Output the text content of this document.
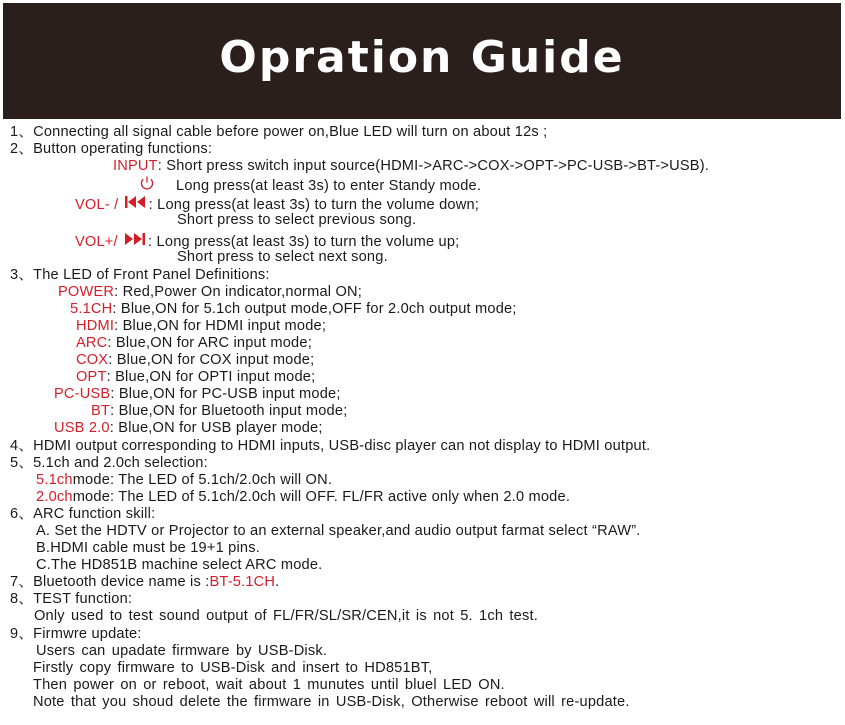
Opration Guide
1、Connecting all signal cable before power on,Blue LED will turn on about 12s ;
2、Button operating functions:
INPUT: Short press switch input source(HDMI->ARC->COX->OPT->PC-USB->BT->USB).
Long press(at least 3s) to enter Standy mode.
VOL- / : Long press(at least 3s) to turn the volume down;
Short press to select previous song.
VOL+/ : Long press(at least 3s) to turn the volume up;
Short press to select next song.
3、The LED of Front Panel Definitions:
POWER: Red,Power On indicator,normal ON;
5.1CH: Blue,ON for 5.1ch output mode,OFF for 2.0ch output mode;
HDMI: Blue,ON for HDMI input mode;
ARC: Blue,ON for ARC input mode;
COX: Blue,ON for COX input mode;
OPT: Blue,ON for OPTI input mode;
PC-USB: Blue,ON for PC-USB input mode;
BT: Blue,ON for Bluetooth input mode;
USB 2.0: Blue,ON for USB player mode;
4、HDMI output corresponding to HDMI inputs, USB-disc player can not display to HDMI output.
5、5.1ch and 2.0ch selection:
5.1chmode: The LED of 5.1ch/2.0ch will ON.
2.0chmode: The LED of 5.1ch/2.0ch will OFF. FL/FR active only when 2.0 mode.
6、ARC function skill:
A. Set the HDTV or Projector to an external speaker,and audio output farmat select “RAW”.
B.HDMI cable must be 19+1 pins.
C.The HD851B machine select ARC mode.
7、Bluetooth device name is :BT-5.1CH.
8、TEST function:
Only used to test sound output of FL/FR/SL/SR/CEN,it is not 5. 1ch test.
9、Firmwre update:
Users can upadate firmware by USB-Disk.
Firstly copy firmware to USB-Disk and insert to HD851BT,
Then power on or reboot, wait about 1 munutes until bluel LED ON.
Note that you shoud delete the firmware in USB-Disk, Otherwise reboot will re-update.
